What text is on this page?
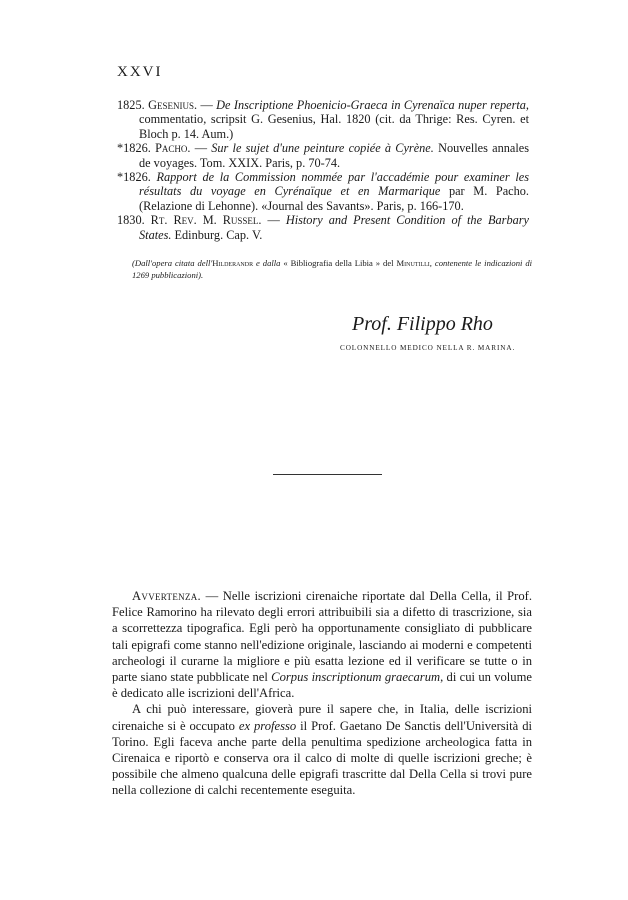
XXVI
1825. Gesenius. — De Inscriptione Phoenicio-Graeca in Cyrenaïca nuper reperta, commentatio, scripsit G. Gesenius, Hal. 1820 (cit. da Thrige: Res. Cyren. et Bloch p. 14. Aum.)
*1826. Pacho. — Sur le sujet d'une peinture copiée à Cyrène. Nouvelles annales de voyages. Tom. XXIX. Paris, p. 70-74.
*1826. Rapport de la Commission nommée par l'accadémie pour examiner les résultats du voyage en Cyrénaïque et en Marmarique par M. Pacho. (Relazione di Lehonne). «Journal des Savants». Paris, p. 166-170.
1830. Rt. Rev. M. Russel. — History and Present Condition of the Barbary States. Edinburg. Cap. V.
(Dall'opera citata dell'Hilderandr e dalla « Bibliografia della Libia » del Minutilli, contenente le indicazioni di 1269 pubblicazioni).
Prof. Filippo Rho
COLONNELLO MEDICO NELLA R. MARINA.

Avvertenza. — Nelle iscrizioni cirenaiche riportate dal Della Cella, il Prof. Felice Ramorino ha rilevato degli errori attribuibili sia a difetto di trascrizione, sia a scorrettezza tipografica. Egli però ha opportunamente consigliato di pubblicare tali epigrafi come stanno nell'edizione originale, lasciando ai moderni e competenti archeologi il curarne la migliore e più esatta lezione ed il verificare se tutte o in parte siano state pubblicate nel Corpus inscriptionum graecarum, di cui un volume è dedicato alle iscrizioni dell'Africa.

A chi può interessare, gioverà pure il sapere che, in Italia, delle iscrizioni cirenaiche si è occupato ex professo il Prof. Gaetano De Sanctis dell'Università di Torino. Egli faceva anche parte della penultima spedizione archeologica fatta in Cirenaica e riportò e conserva ora il calco di molte di quelle iscrizioni greche; è possibile che almeno qualcuna delle epigrafi trascritte dal Della Cella si trovi pure nella collezione di calchi recentemente eseguita.
